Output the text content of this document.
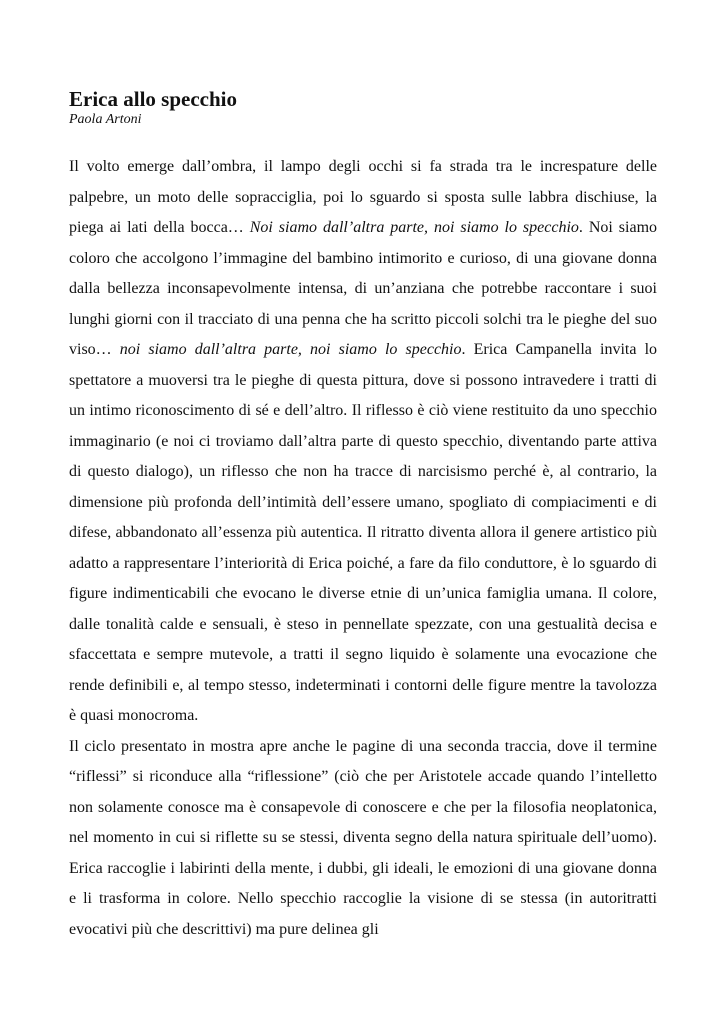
Erica allo specchio
Paola Artoni

Il volto emerge dall’ombra, il lampo degli occhi si fa strada tra le increspature delle palpebre, un moto delle sopracciglia, poi lo sguardo si sposta sulle labbra dischiuse, la piega ai lati della bocca… Noi siamo dall’altra parte, noi siamo lo specchio. Noi siamo coloro che accolgono l’immagine del bambino intimorito e curioso, di una giovane donna dalla bellezza inconsapevolmente intensa, di un’anziana che potrebbe raccontare i suoi lunghi giorni con il tracciato di una penna che ha scritto piccoli solchi tra le pieghe del suo viso… noi siamo dall’altra parte, noi siamo lo specchio. Erica Campanella invita lo spettatore a muoversi tra le pieghe di questa pittura, dove si possono intravedere i tratti di un intimo riconoscimento di sé e dell’altro. Il riflesso è ciò viene restituito da uno specchio immaginario (e noi ci troviamo dall’altra parte di questo specchio, diventando parte attiva di questo dialogo), un riflesso che non ha tracce di narcisismo perché è, al contrario, la dimensione più profonda dell’intimità dell’essere umano, spogliato di compiacimenti e di difese, abbandonato all’essenza più autentica. Il ritratto diventa allora il genere artistico più adatto a rappresentare l’interiorità di Erica poiché, a fare da filo conduttore, è lo sguardo di figure indimenticabili che evocano le diverse etnie di un’unica famiglia umana. Il colore, dalle tonalità calde e sensuali, è steso in pennellate spezzate, con una gestualità decisa e sfaccettata e sempre mutevole, a tratti il segno liquido è solamente una evocazione che rende definibili e, al tempo stesso, indeterminati i contorni delle figure mentre la tavolozza è quasi monocroma.

Il ciclo presentato in mostra apre anche le pagine di una seconda traccia, dove il termine “riflessi” si riconduce alla “riflessione” (ciò che per Aristotele accade quando l’intelletto non solamente conosce ma è consapevole di conoscere e che per la filosofia neoplatonica, nel momento in cui si riflette su se stessi, diventa segno della natura spirituale dell’uomo). Erica raccoglie i labirinti della mente, i dubbi, gli ideali, le emozioni di una giovane donna e li trasforma in colore. Nello specchio raccoglie la visione di se stessa (in autoritratti evocativi più che descrittivi) ma pure delinea gli
